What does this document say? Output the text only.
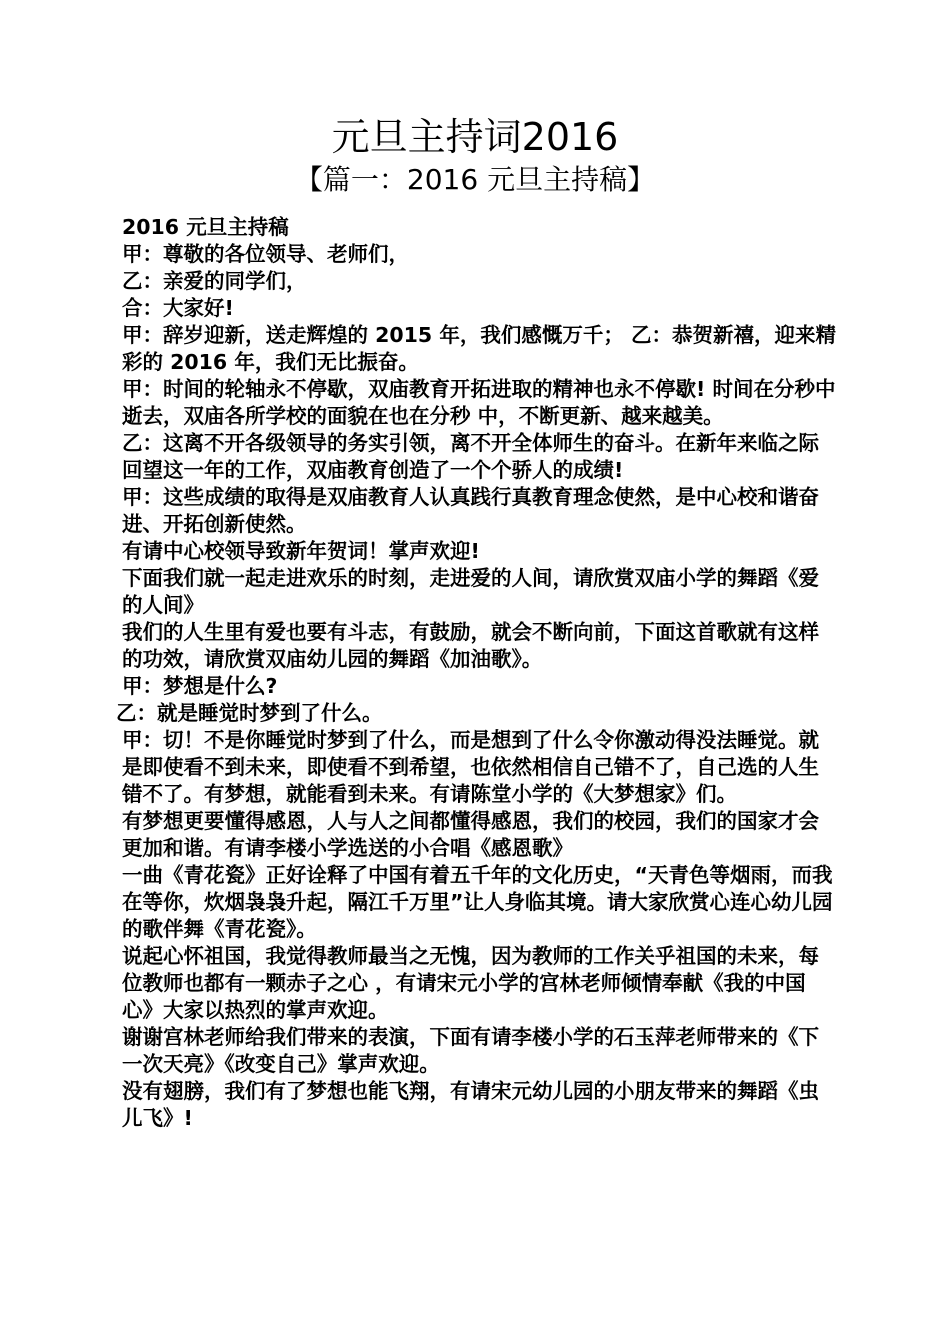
元旦主持词2016
【篇一：2016 元旦主持稿】

2016 元旦主持稿

甲：尊敬的各位领导、老师们，

乙：亲爱的同学们，

合：大家好!

甲：辞岁迎新，送走辉煌的 2015 年，我们感慨万千； 乙：恭贺新禧，迎来精彩的 2016 年，我们无比振奋。

甲：时间的轮轴永不停歇，双庙教育开拓进取的精神也永不停歇! 时间在分秒中逝去，双庙各所学校的面貌在也在分秒 中，不断更新、越来越美。

乙：这离不开各级领导的务实引领，离不开全体师生的奋斗。在新年来临之际回望这一年的工作，双庙教育创造了一个个骄人的成绩!

甲：这些成绩的取得是双庙教育人认真践行真教育理念使然，是中心校和谐奋进、开拓创新使然。

有请中心校领导致新年贺词！掌声欢迎!

下面我们就一起走进欢乐的时刻，走进爱的人间，请欣赏双庙小学的舞蹈《爱的人间》

我们的人生里有爱也要有斗志，有鼓励，就会不断向前，下面这首歌就有这样的功效，请欣赏双庙幼儿园的舞蹈《加油歌》。

甲：梦想是什么?

乙：就是睡觉时梦到了什么。

甲：切！不是你睡觉时梦到了什么，而是想到了什么令你激动得没法睡觉。就是即使看不到未来，即使看不到希望，也依然相信自己错不了，自己选的人生错不了。有梦想，就能看到未来。有请陈堂小学的《大梦想家》们。

有梦想更要懂得感恩，人与人之间都懂得感恩，我们的校园，我们的国家才会更加和谐。有请李楼小学选送的小合唱《感恩歌》

一曲《青花瓷》正好诠释了中国有着五千年的文化历史，“天青色等烟雨，而我在等你，炊烟袅袅升起，隔江千万里”让人身临其境。请大家欣赏心连心幼儿园的歌伴舞《青花瓷》。

说起心怀祖国，我觉得教师最当之无愧，因为教师的工作关乎祖国的未来，每位教师也都有一颗赤子之心 ，有请宋元小学的宫林老师倾情奉献《我的中国心》大家以热烈的掌声欢迎。

谢谢宫林老师给我们带来的表演，下面有请李楼小学的石玉萍老师带来的《下一次天亮》《改变自己》掌声欢迎。

没有翅膀，我们有了梦想也能飞翔，有请宋元幼儿园的小朋友带来的舞蹈《虫儿飞》!
